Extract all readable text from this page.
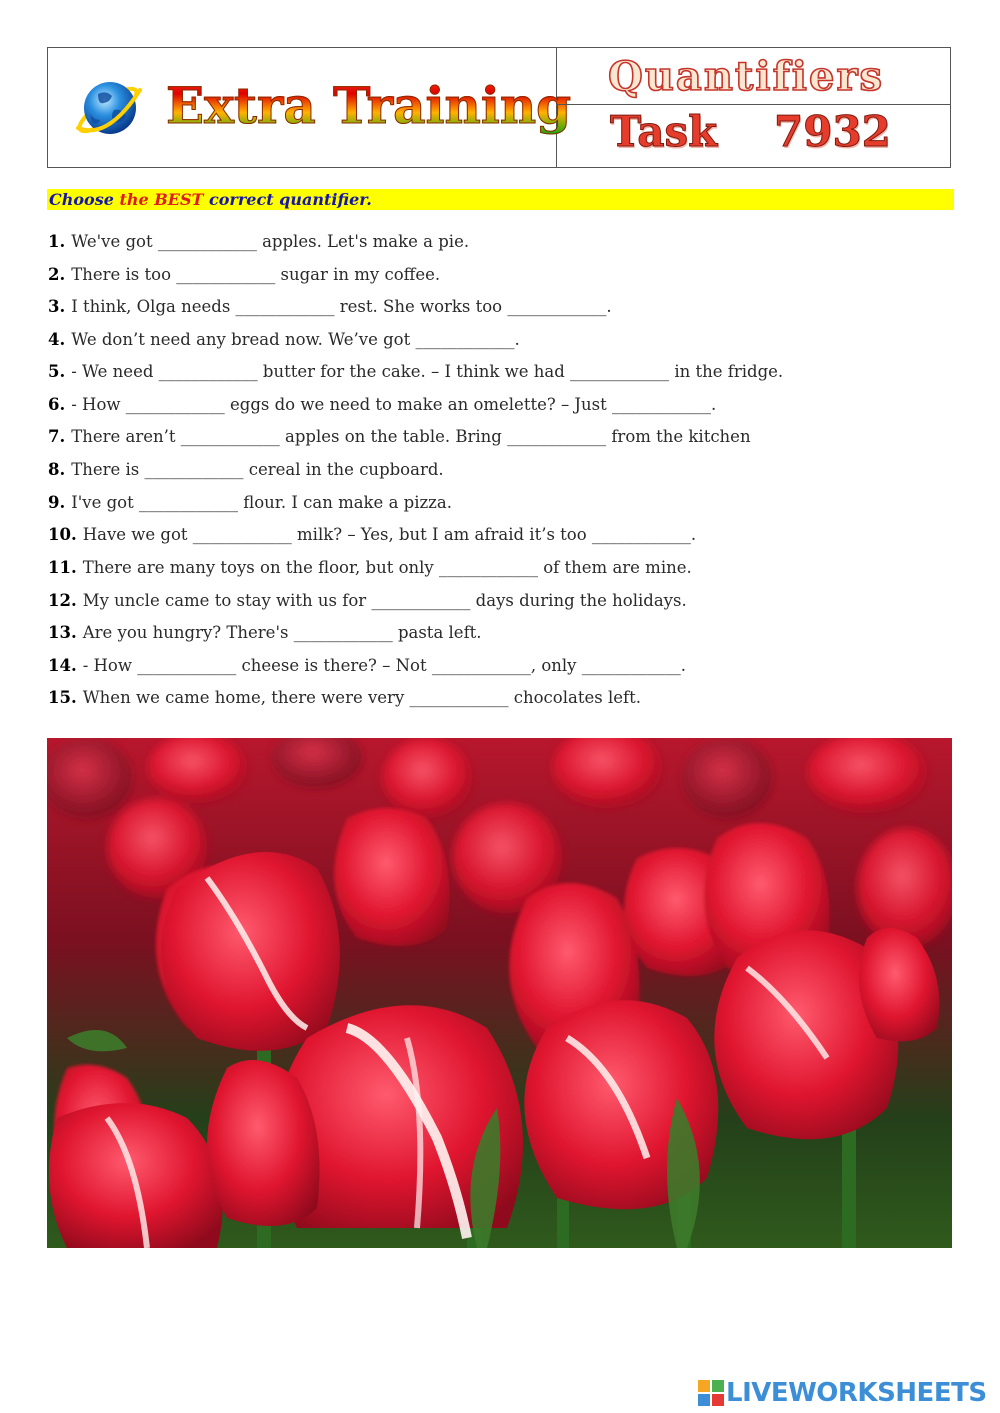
Extra Training Quantifiers
Task 7932
Choose the BEST correct quantifier.
1. We've got ____________ apples. Let's make a pie.
2. There is too ____________ sugar in my coffee.
3. I think, Olga needs ____________ rest. She works too ____________.
4. We don’t need any bread now. We’ve got ____________.
5. - We need ____________ butter for the cake. – I think we had ____________ in the fridge.
6. - How ____________ eggs do we need to make an omelette? – Just ____________.
7. There aren’t ____________ apples on the table. Bring ____________ from the kitchen
8. There is ____________ cereal in the cupboard.
9. I've got ____________ flour. I can make a pizza.
10. Have we got ____________ milk? – Yes, but I am afraid it’s too ____________.
11. There are many toys on the floor, but only ____________ of them are mine.
12. My uncle came to stay with us for ____________ days during the holidays.
13. Are you hungry? There's ____________ pasta left.
14. - How ____________ cheese is there? – Not ____________, only ____________.
15. When we came home, there were very ____________ chocolates left.
LIVEWORKSHEETS
